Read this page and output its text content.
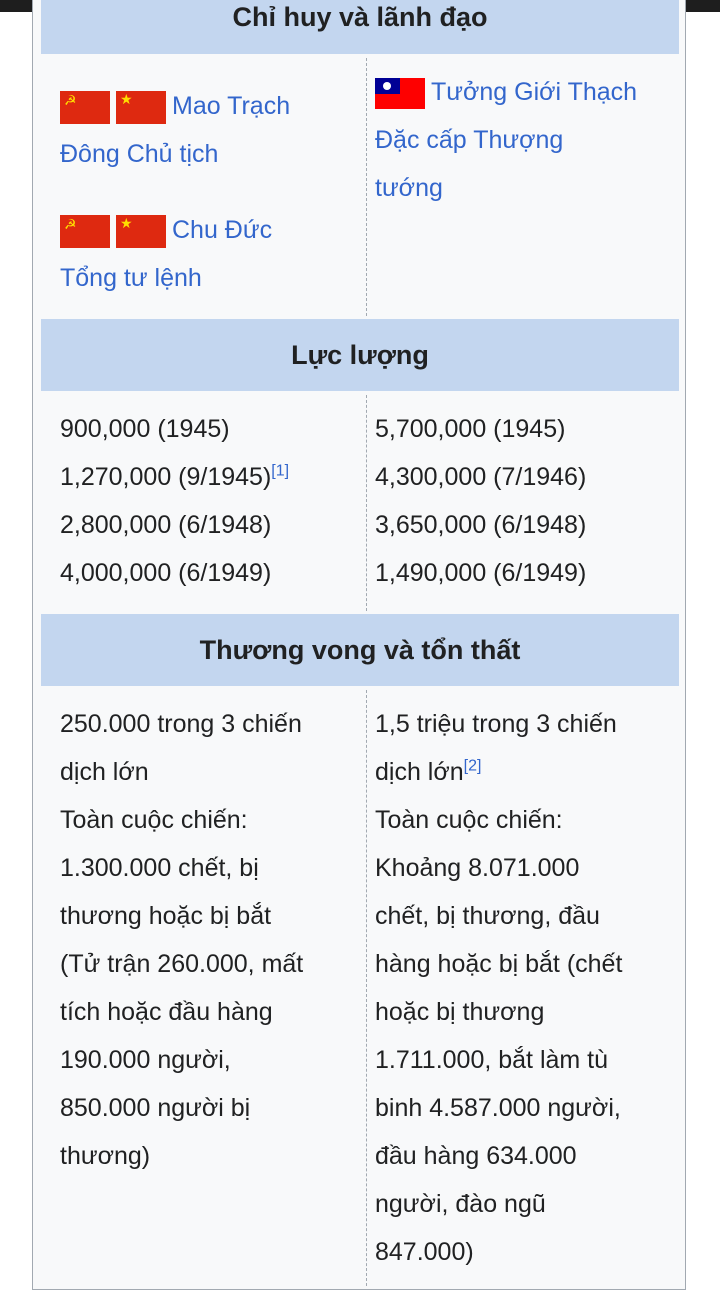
Chỉ huy và lãnh đạo
☭★Mao Trạch
Đông Chủ tịch
☭★Chu Đức
Tổng tư lệnh
Tưởng Giới Thạch
Đặc cấp Thượng
tướng
Lực lượng
900,000 (1945)
1,270,000 (9/1945)[1]
2,800,000 (6/1948)
4,000,000 (6/1949)
5,700,000 (1945)
4,300,000 (7/1946)
3,650,000 (6/1948)
1,490,000 (6/1949)
Thương vong và tổn thất
250.000 trong 3 chiến
dịch lớn
Toàn cuộc chiến:
1.300.000 chết, bị
thương hoặc bị bắt
(Tử trận 260.000, mất
tích hoặc đầu hàng
190.000 người,
850.000 người bị
thương)
1,5 triệu trong 3 chiến
dịch lớn[2]
Toàn cuộc chiến:
Khoảng 8.071.000
chết, bị thương, đầu
hàng hoặc bị bắt (chết
hoặc bị thương
1.711.000, bắt làm tù
binh 4.587.000 người,
đầu hàng 634.000
người, đào ngũ
847.000)
